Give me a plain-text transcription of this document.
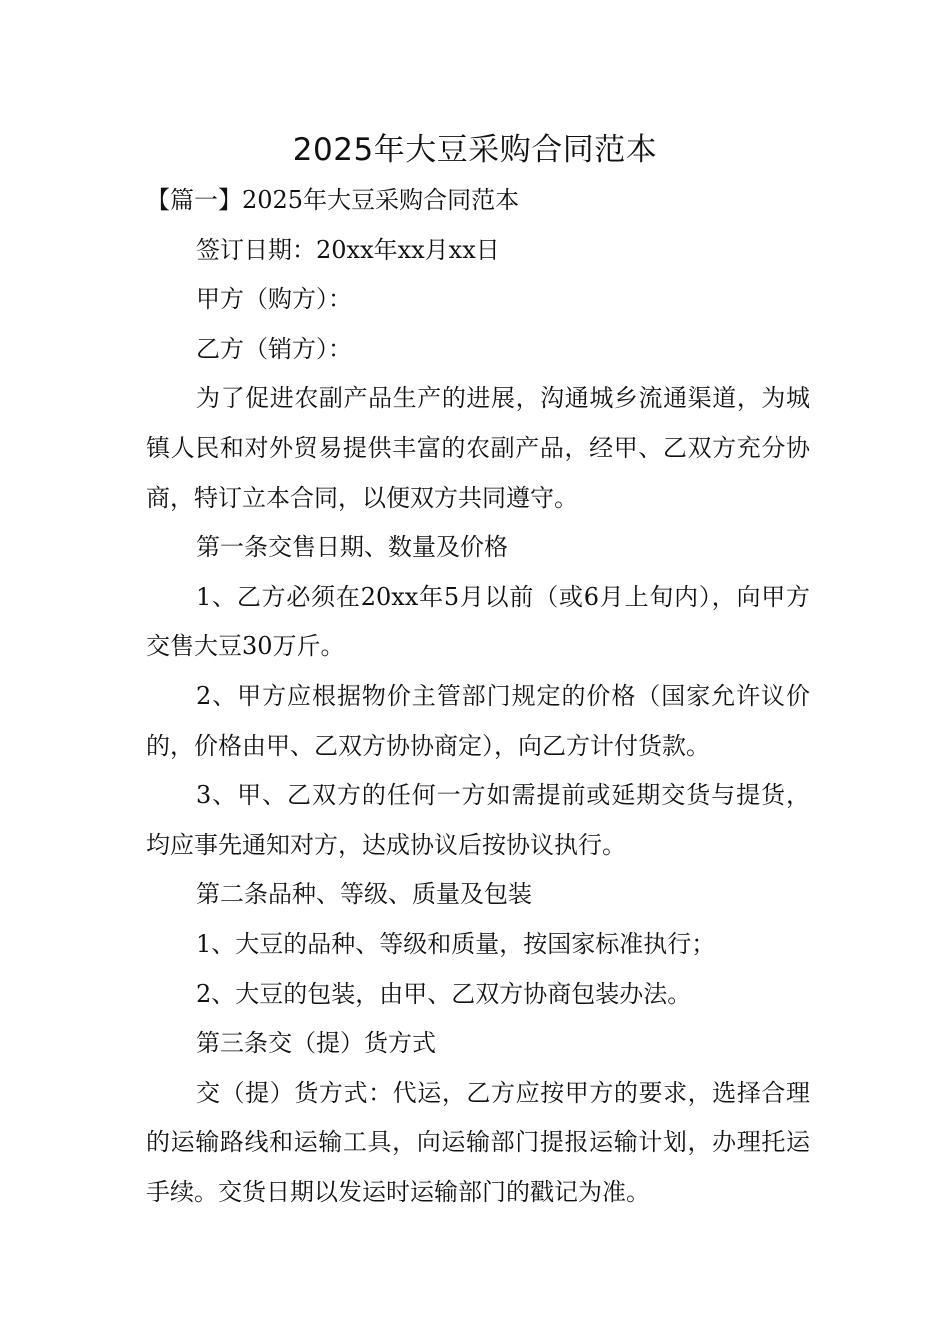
2025年大豆采购合同范本

【篇一】2025年大豆采购合同范本

签订日期：20xx年xx月xx日

甲方（购方）：

乙方（销方）：

为了促进农副产品生产的进展，沟通城乡流通渠道，为城镇人民和对外贸易提供丰富的农副产品，经甲、乙双方充分协商，特订立本合同，以便双方共同遵守。

第一条交售日期、数量及价格

1、乙方必须在20xx年5月以前（或6月上旬内），向甲方交售大豆30万斤。

2、甲方应根据物价主管部门规定的价格（国家允许议价的，价格由甲、乙双方协协商定），向乙方计付货款。

3、甲、乙双方的任何一方如需提前或延期交货与提货，均应事先通知对方，达成协议后按协议执行。

第二条品种、等级、质量及包装

1、大豆的品种、等级和质量，按国家标准执行；

2、大豆的包装，由甲、乙双方协商包装办法。

第三条交（提）货方式

交（提）货方式：代运，乙方应按甲方的要求，选择合理的运输路线和运输工具，向运输部门提报运输计划，办理托运手续。交货日期以发运时运输部门的戳记为准。
